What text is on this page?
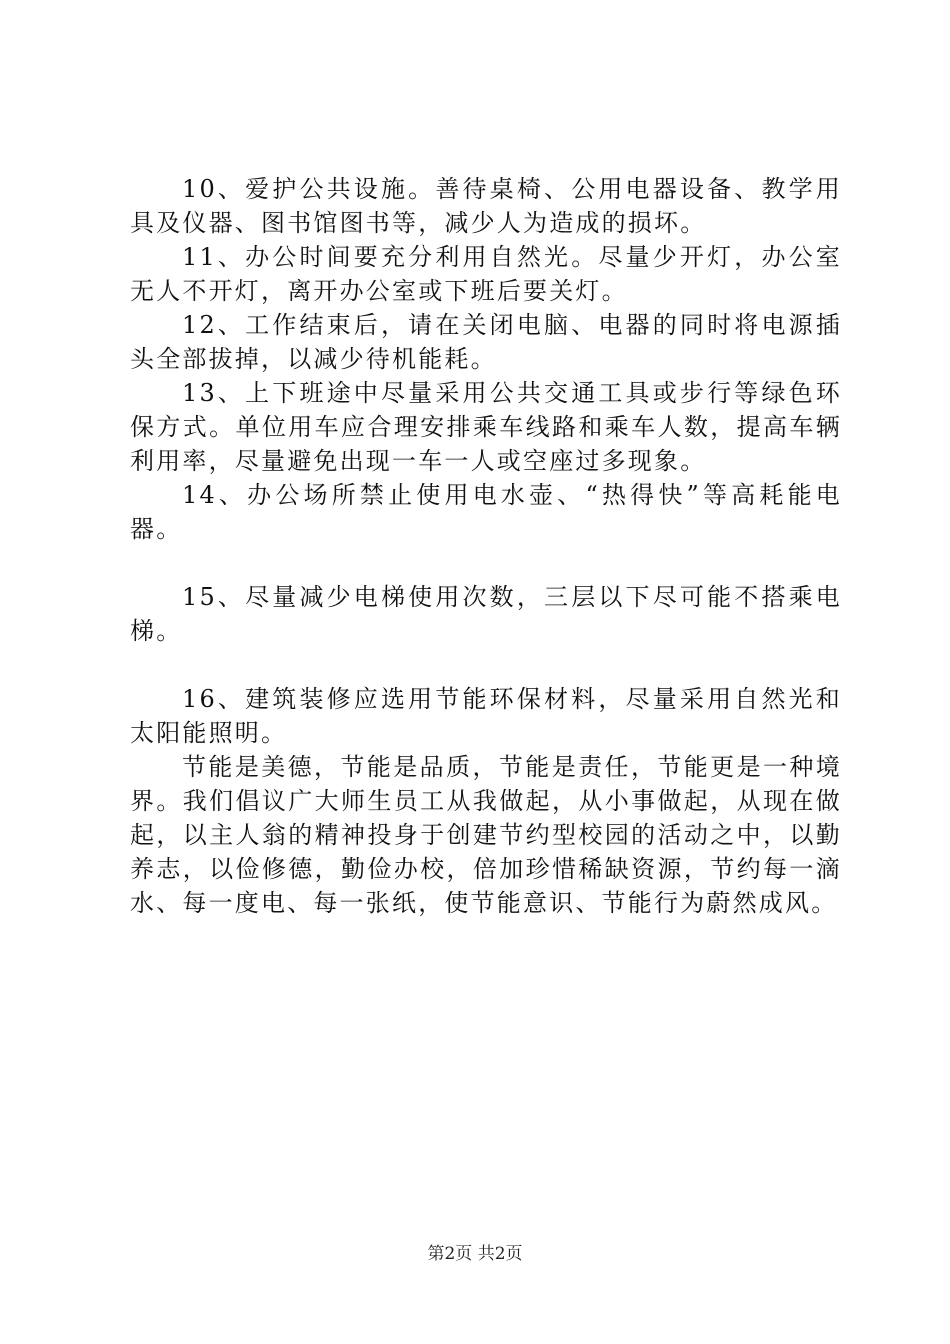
10、爱护公共设施。善待桌椅、公用电器设备、教学用具及仪器、图书馆图书等，减少人为造成的损坏。

11、办公时间要充分利用自然光。尽量少开灯，办公室无人不开灯，离开办公室或下班后要关灯。

12、工作结束后，请在关闭电脑、电器的同时将电源插头全部拔掉，以减少待机能耗。

13、上下班途中尽量采用公共交通工具或步行等绿色环保方式。单位用车应合理安排乘车线路和乘车人数，提高车辆利用率，尽量避免出现一车一人或空座过多现象。

14、办公场所禁止使用电水壶、“热得快”等高耗能电器。

15、尽量减少电梯使用次数，三层以下尽可能不搭乘电梯。

16、建筑装修应选用节能环保材料，尽量采用自然光和太阳能照明。

节能是美德，节能是品质，节能是责任，节能更是一种境界。我们倡议广大师生员工从我做起，从小事做起，从现在做起，以主人翁的精神投身于创建节约型校园的活动之中，以勤养志，以俭修德，勤俭办校，倍加珍惜稀缺资源，节约每一滴水、每一度电、每一张纸，使节能意识、节能行为蔚然成风。

第2页 共2页
